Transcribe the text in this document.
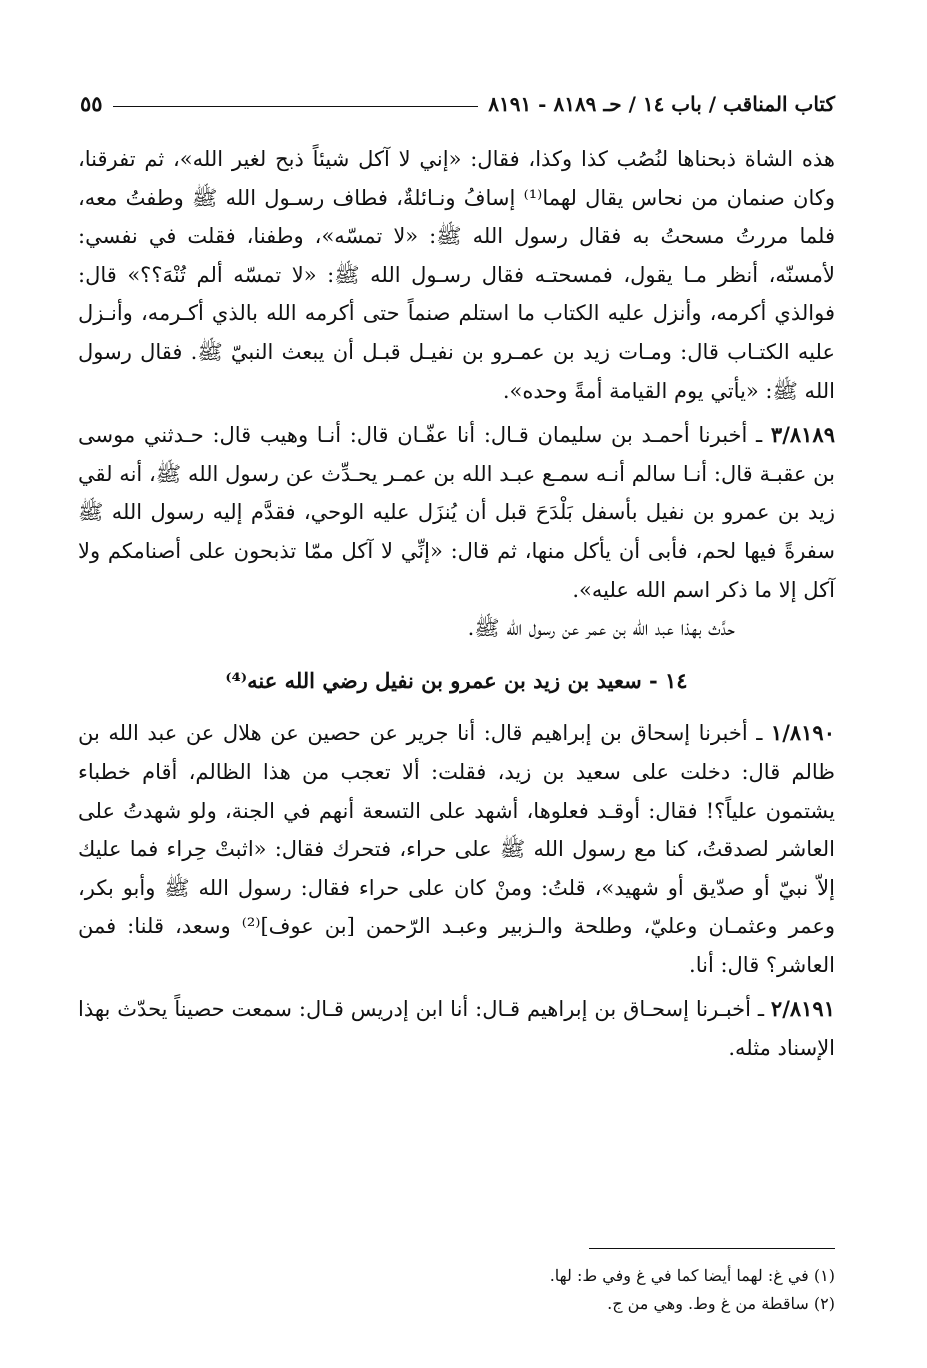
كتاب المناقب / باب ١٤ / حـ ٨١٨٩ - ٨١٩١
٥٥

هذه الشاة ذبحناها لنُصُب كذا وكذا، فقال: «إني لا آكل شيئاً ذبح لغير الله»، ثم تفرقنا، وكان صنمان من نحاس يقال لهما⁽¹⁾ إسافُ ونـائلةٌ، فطاف رسـول الله ﷺ وطفتُ معه، فلما مررتُ مسحتُ به فقال رسول الله ﷺ: «لا تمسّه»، وطفنا، فقلت في نفسي: لأمسنّه، أنظر مـا يقول، فمسحتـه فقال رسـول الله ﷺ: «لا تمسّه ألم تُنْهَ؟؟» قال: فوالذي أكرمه، وأنزل عليه الكتاب ما استلم صنماً حتى أكرمه الله بالذي أكـرمه، وأنـزل عليه الكتـاب قال: ومـات زيد بن عمـرو بن نفيـل قبـل أن يبعث النبيّ ﷺ. فقال رسول الله ﷺ: «يأتي يوم القيامة أمةً وحده».

٣/٨١٨٩ ـ أخبرنا أحمـد بن سليمان قـال: أنا عفّـان قال: أنـا وهيب قال: حـدثني موسى بن عقبـة قال: أنـا سالم أنـه سمـع عبـد الله بن عمـر يحـدِّث عن رسول الله ﷺ، أنه لقي زيد بن عمرو بن نفيل بأسفل بَلْدَحَ قبل أن يُنزَل عليه الوحي، فقدَّم إليه رسول الله ﷺ سفرةً فيها لحم، فأبى أن يأكل منها، ثم قال: «إنِّي لا آكل ممّا تذبحون على أصنامكم ولا آكل إلا ما ذكر اسم الله عليه».

حدَّث بهذا عبد الله بن عمر عن رسول الله ﷺ.

١٤ - سعيد بن زيد بن عمرو بن نفيل رضي الله عنه⁽⁴⁾

١/٨١٩٠ ـ أخبرنا إسحاق بن إبراهيم قال: أنا جرير عن حصين عن هلال عن عبد الله بن ظالم قال: دخلت على سعيد بن زيد، فقلت: ألا تعجب من هذا الظالم، أقام خطباء يشتمون علياً؟! فقال: أوقـد فعلوها، أشهد على التسعة أنهم في الجنة، ولو شهدتُ على العاشر لصدقتُ، كنا مع رسول الله ﷺ على حراء، فتحرك فقال: «اثبتْ حِراء فما عليك إلاّ نبيّ أو صدّيق أو شهيد»، قلتُ: ومنْ كان على حراء فقال: رسول الله ﷺ وأبو بكر، وعمر وعثمـان وعليّ، وطلحة والـزبير وعبـد الرّحمن [بن عوف]⁽²⁾ وسعد، قلنا: فمن العاشر؟ قال: أنا.

٢/٨١٩١ ـ أخبـرنا إسحـاق بن إبراهيم قـال: أنا ابن إدريس قـال: سمعت حصيناً يحدّث بهذا الإسناد مثله.

(١) في غ: لهما أيضا كما في غ وفي ط: لها.
(٢) ساقطة من غ وط. وهي من ج.
